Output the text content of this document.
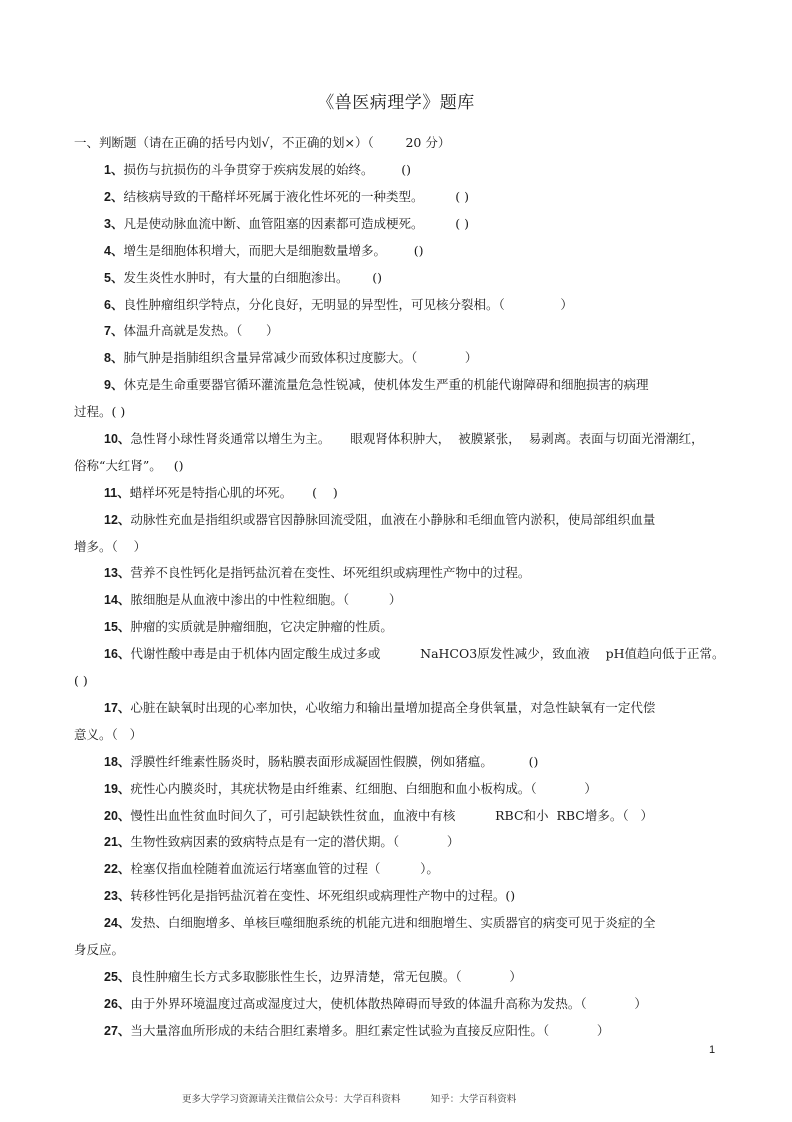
《兽医病理学》题库
一、判断题（请在正确的括号内划√，不正确的划×）（        20 分）
1、损伤与抗损伤的斗争贯穿于疾病发展的始终。       ()
2、结核病导致的干酪样坏死属于液化性坏死的一种类型。        ( )
3、凡是使动脉血流中断、血管阻塞的因素都可造成梗死。        ( )
4、增生是细胞体积增大，而肥大是细胞数量增多。       ()
5、发生炎性水肿时，有大量的白细胞渗出。      ()
6、良性肿瘤组织学特点，分化良好，无明显的异型性，可见核分裂相。（              ）
7、体温升高就是发热。（      ）
8、肺气肿是指肺组织含量异常减少而致体积过度膨大。（            ）
9、休克是生命重要器官循环灌流量危急性锐减，使机体发生严重的机能代谢障碍和细胞损害的病理
过程。( )
10、急性肾小球性肾炎通常以增生为主。     眼观肾体积肿大，  被膜紧张，  易剥离。表面与切面光滑潮红，
俗称“大红肾”。   ()
11、蜡样坏死是特指心肌的坏死。     (    )
12、动脉性充血是指组织或器官因静脉回流受阻，血液在小静脉和毛细血管内淤积，使局部组织血量
增多。（    ）
13、营养不良性钙化是指钙盐沉着在变性、坏死组织或病理性产物中的过程。
14、脓细胞是从血液中渗出的中性粒细胞。（          ）
15、肿瘤的实质就是肿瘤细胞，它决定肿瘤的性质。
16、代谢性酸中毒是由于机体内固定酸生成过多或          NaHCO3原发性减少，致血液    pH值趋向低于正常。
( )
17、心脏在缺氧时出现的心率加快，心收缩力和输出量增加提高全身供氧量，对急性缺氧有一定代偿
意义。（   ）
18、浮膜性纤维素性肠炎时，肠粘膜表面形成凝固性假膜，例如猪瘟。         ()
19、疣性心内膜炎时，其疣状物是由纤维素、红细胞、白细胞和血小板构成。（            ）
20、慢性出血性贫血时间久了，可引起缺铁性贫血，血液中有核          RBC和小  RBC增多。（   ）
21、生物性致病因素的致病特点是有一定的潜伏期。（            ）
22、栓塞仅指血栓随着血流运行堵塞血管的过程（          ）。
23、转移性钙化是指钙盐沉着在变性、坏死组织或病理性产物中的过程。()
24、发热、白细胞增多、单核巨噬细胞系统的机能亢进和细胞增生、实质器官的病变可见于炎症的全
身反应。
25、良性肿瘤生长方式多取膨胀性生长，边界清楚，常无包膜。（            ）
26、由于外界环境温度过高或湿度过大，使机体散热障碍而导致的体温升高称为发热。（            ）
27、当大量溶血所形成的未结合胆红素增多。胆红素定性试验为直接反应阳性。（            ）
1
更多大学学习资源请关注微信公众号：大学百科资料          知乎：大学百科资料
